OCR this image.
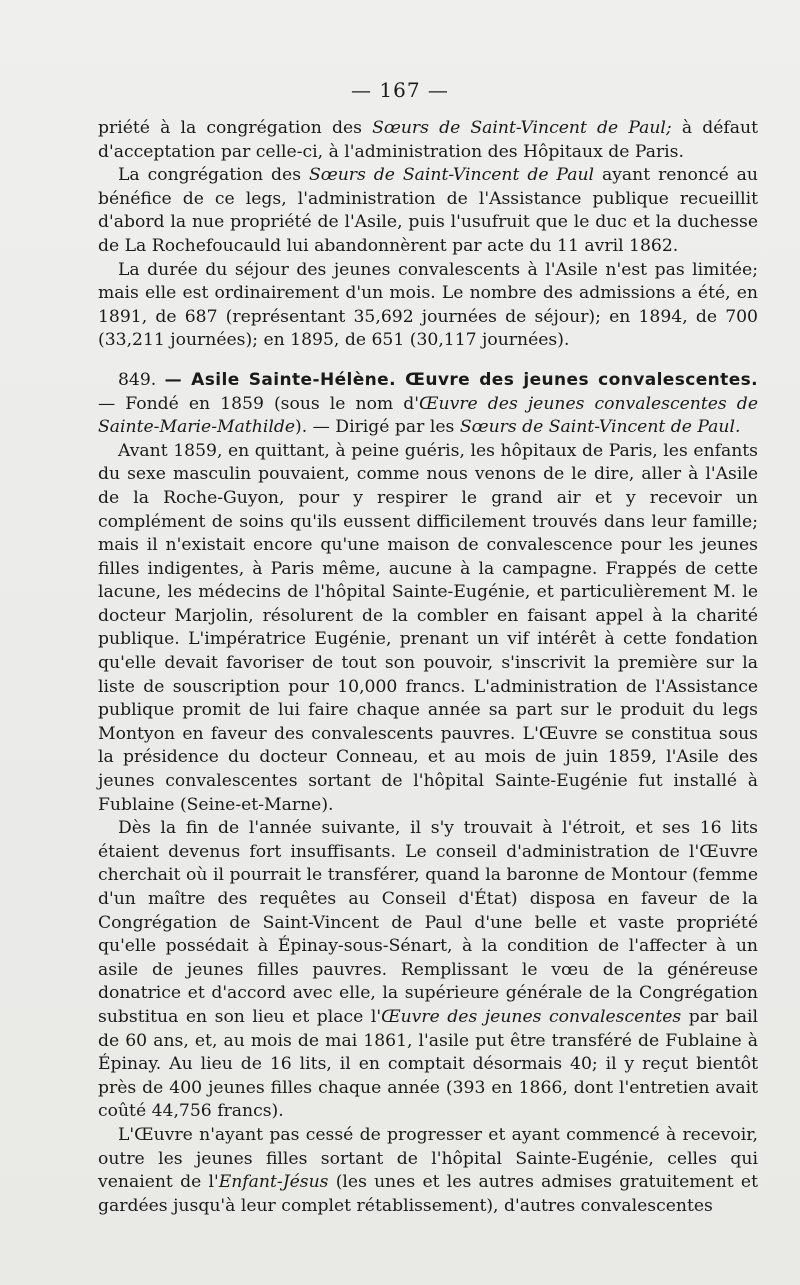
— 167 —

priété à la congrégation des Sœurs de Saint-Vincent de Paul; à défaut d'acceptation par celle-ci, à l'administration des Hôpitaux de Paris.

La congrégation des Sœurs de Saint-Vincent de Paul ayant renoncé au bénéfice de ce legs, l'administration de l'Assistance publique recueillit d'abord la nue propriété de l'Asile, puis l'usufruit que le duc et la duchesse de La Rochefoucauld lui abandonnèrent par acte du 11 avril 1862.

La durée du séjour des jeunes convalescents à l'Asile n'est pas limitée; mais elle est ordinairement d'un mois. Le nombre des admissions a été, en 1891, de 687 (représentant 35,692 journées de séjour); en 1894, de 700 (33,211 journées); en 1895, de 651 (30,117 journées).

849. — Asile Sainte-Hélène. Œuvre des jeunes convalescentes. — Fondé en 1859 (sous le nom d'Œuvre des jeunes convalescentes de Sainte-Marie-Mathilde). — Dirigé par les Sœurs de Saint-Vincent de Paul.

Avant 1859, en quittant, à peine guéris, les hôpitaux de Paris, les enfants du sexe masculin pouvaient, comme nous venons de le dire, aller à l'Asile de la Roche-Guyon, pour y respirer le grand air et y recevoir un complément de soins qu'ils eussent difficilement trouvés dans leur famille; mais il n'existait encore qu'une maison de convalescence pour les jeunes filles indigentes, à Paris même, aucune à la campagne. Frappés de cette lacune, les médecins de l'hôpital Sainte-Eugénie, et particulièrement M. le docteur Marjolin, résolurent de la combler en faisant appel à la charité publique. L'impératrice Eugénie, prenant un vif intérêt à cette fondation qu'elle devait favoriser de tout son pouvoir, s'inscrivit la première sur la liste de souscription pour 10,000 francs. L'administration de l'Assistance publique promit de lui faire chaque année sa part sur le produit du legs Montyon en faveur des convalescents pauvres. L'Œuvre se constitua sous la présidence du docteur Conneau, et au mois de juin 1859, l'Asile des jeunes convalescentes sortant de l'hôpital Sainte-Eugénie fut installé à Fublaine (Seine-et-Marne).

Dès la fin de l'année suivante, il s'y trouvait à l'étroit, et ses 16 lits étaient devenus fort insuffisants. Le conseil d'administration de l'Œuvre cherchait où il pourrait le transférer, quand la baronne de Montour (femme d'un maître des requêtes au Conseil d'État) disposa en faveur de la Congrégation de Saint-Vincent de Paul d'une belle et vaste propriété qu'elle possédait à Épinay-sous-Sénart, à la condition de l'affecter à un asile de jeunes filles pauvres. Remplissant le vœu de la généreuse donatrice et d'accord avec elle, la supérieure générale de la Congrégation substitua en son lieu et place l'Œuvre des jeunes convalescentes par bail de 60 ans, et, au mois de mai 1861, l'asile put être transféré de Fublaine à Épinay. Au lieu de 16 lits, il en comptait désormais 40; il y reçut bientôt près de 400 jeunes filles chaque année (393 en 1866, dont l'entretien avait coûté 44,756 francs).

L'Œuvre n'ayant pas cessé de progresser et ayant commencé à recevoir, outre les jeunes filles sortant de l'hôpital Sainte-Eugénie, celles qui venaient de l'Enfant-Jésus (les unes et les autres admises gratuitement et gardées jusqu'à leur complet rétablissement), d'autres convalescentes
